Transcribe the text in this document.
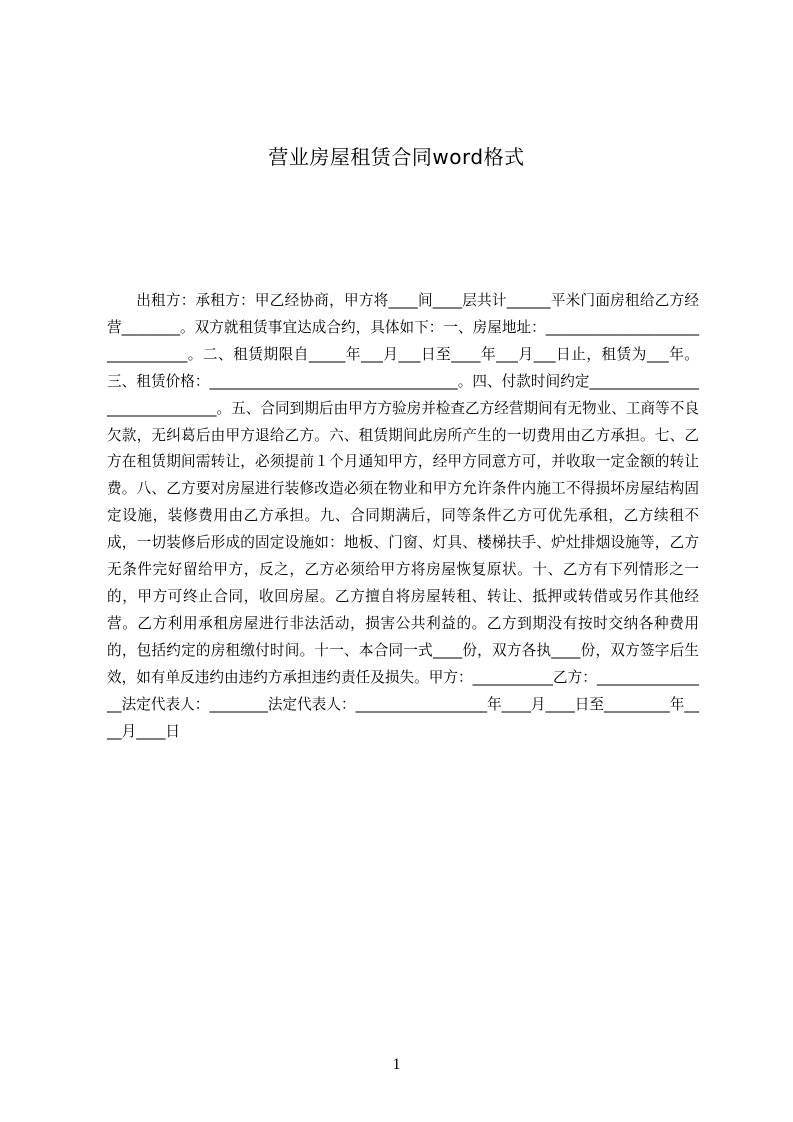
营业房屋租赁合同word格式

出租方：承租方：甲乙经协商，甲方将____间____层共计______平米门面房租给乙方经营________。双方就租赁事宜达成合约，具体如下：一、房屋地址：________________________________。二、租赁期限自_____年___月___日至____年___月___日止，租赁为___年。三、租赁价格：__________________________________。四、付款时间约定______________________________。五、合同到期后由甲方方验房并检查乙方经营期间有无物业、工商等不良欠款，无纠葛后由甲方退给乙方。六、租赁期间此房所产生的一切费用由乙方承担。七、乙方在租赁期间需转让，必须提前１个月通知甲方，经甲方同意方可，并收取一定金额的转让费。八、乙方要对房屋进行装修改造必须在物业和甲方允许条件内施工不得损坏房屋结构固定设施，装修费用由乙方承担。九、合同期满后，同等条件乙方可优先承租，乙方续租不成，一切装修后形成的固定设施如：地板、门窗、灯具、楼梯扶手、炉灶排烟设施等，乙方无条件完好留给甲方，反之，乙方必须给甲方将房屋恢复原状。十、乙方有下列情形之一的，甲方可终止合同，收回房屋。乙方擅自将房屋转租、转让、抵押或转借或另作其他经营。乙方利用承租房屋进行非法活动，损害公共利益的。乙方到期没有按时交纳各种费用的，包括约定的房租缴付时间。十一、本合同一式____份，双方各执____份，双方签字后生效，如有单反违约由违约方承担违约责任及损失。甲方：___________乙方：________________法定代表人：________法定代表人：__________________年____月____日至_________年____月____日

1
